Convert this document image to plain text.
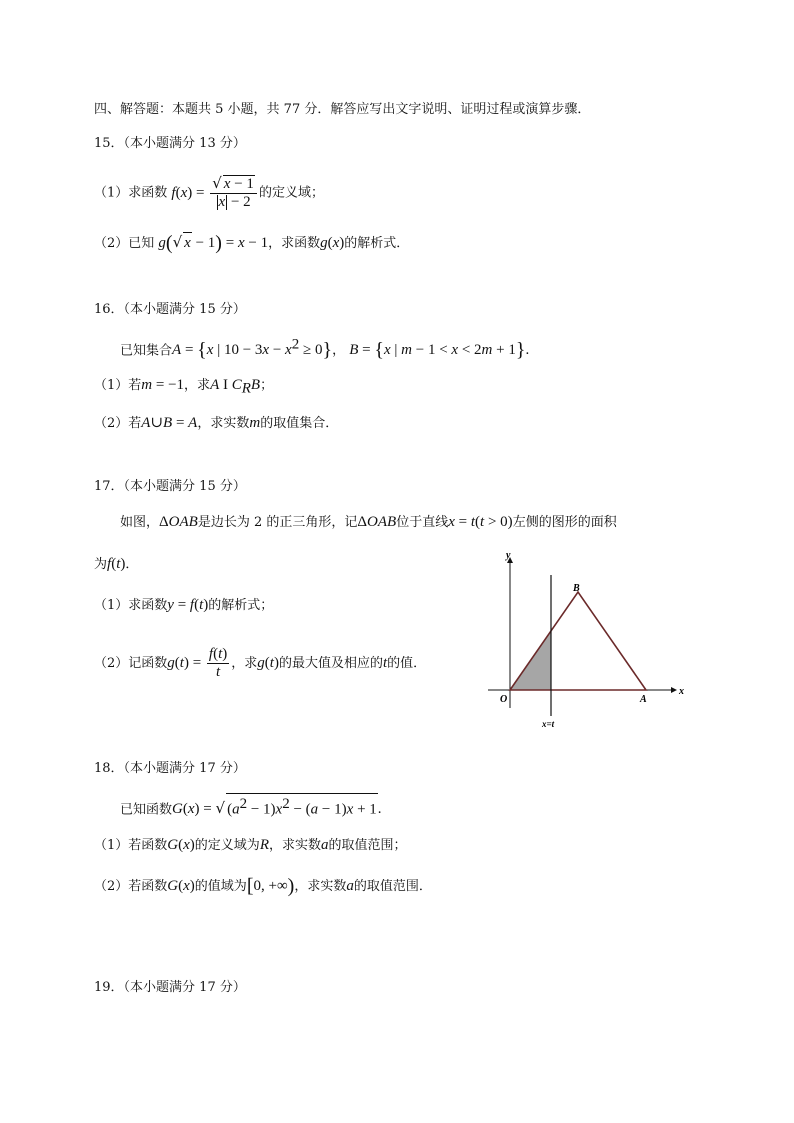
四、解答题：本题共 5 小题，共 77 分．解答应写出文字说明、证明过程或演算步骤．
15．（本小题满分 13 分）
（1）求函数 $f(x) = \frac{√ x - 1}{x - 2}$ 的定义域；
（2）已知 g(√ x − 1) = x − 1，求函数g(x)的解析式．
16．（本小题满分 15 分）
已知集合A = {x | $10 - 3x - x^2 \ge 0$}， B = {x | m − 1 < x < 2m + 1}.
（1）若m = −1，求A I $C_RB$；
（2）若A∪B = A，求实数m的取值集合．
17．（本小题满分 15 分）
如图，ΔOAB是边长为 2 的正三角形，记ΔOAB位于直线x = t(t > 0)左侧的图形的面积
为f(t)．
（1）求函数y = f(t)的解析式；
（2）记函数$g(t) = \frac{f(t)}{t}$ ，求g(t)的最大值及相应的t的值．
y
x
O	A
B
x=t
18．（本小题满分 17 分）
已知函数G(x) = √ $(a^2 - 1)x^2 - (a - 1)x + 1$.
（1）若函数G(x)的定义域为R，求实数a的取值范围；
（2）若函数G(x)的值域为[0, +∞)，求实数a的取值范围．
19．（本小题满分 17 分）
